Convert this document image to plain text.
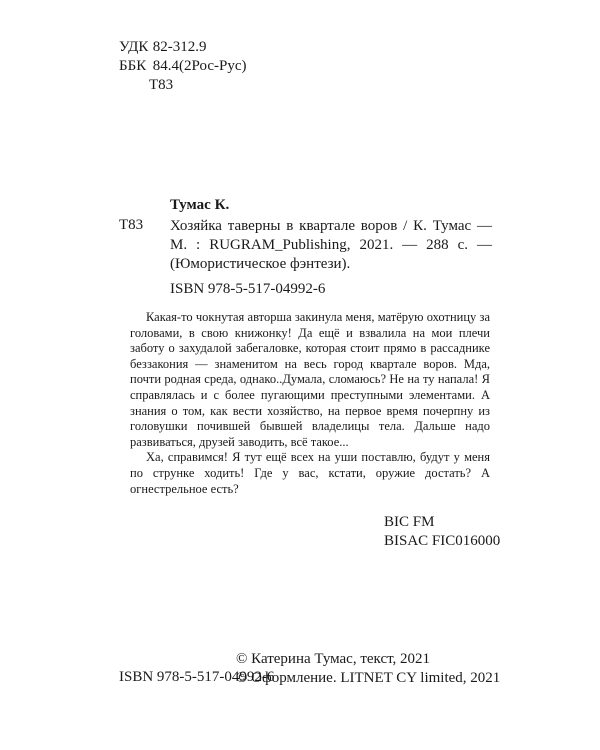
УДК 82-312.9
ББК 84.4(2Рос-Рус)
Т83
Тумас К.
Т83 Хозяйка таверны в квартале воров / К. Тумас — М. : RUGRAM_Publishing, 2021. — 288 с. — (Юмористическое фэнтези).
ISBN 978-5-517-04992-6

Какая-то чокнутая авторша закинула меня, матёрую охотницу за головами, в свою книжонку! Да ещё и взвалила на мои плечи заботу о захудалой забегаловке, которая стоит прямо в рассаднике беззакония — знаменитом на весь город квартале воров. Мда, почти родная среда, однако..Думала, сломаюсь? Не на ту напала! Я справлялась и с более пугающими преступными элементами. А знания о том, как вести хозяйство, на первое время почерпну из головушки почившей бывшей владелицы тела. Дальше надо развиваться, друзей заводить, всё такое...

Ха, справимся! Я тут ещё всех на уши поставлю, будут у меня по струнке ходить! Где у вас, кстати, оружие достать? А огнестрельное есть?

BIC FM
BISAC FIC016000
© Катерина Тумас, текст, 2021
© Оформление. LITNET CY limited, 2021
ISBN 978-5-517-04992-6
